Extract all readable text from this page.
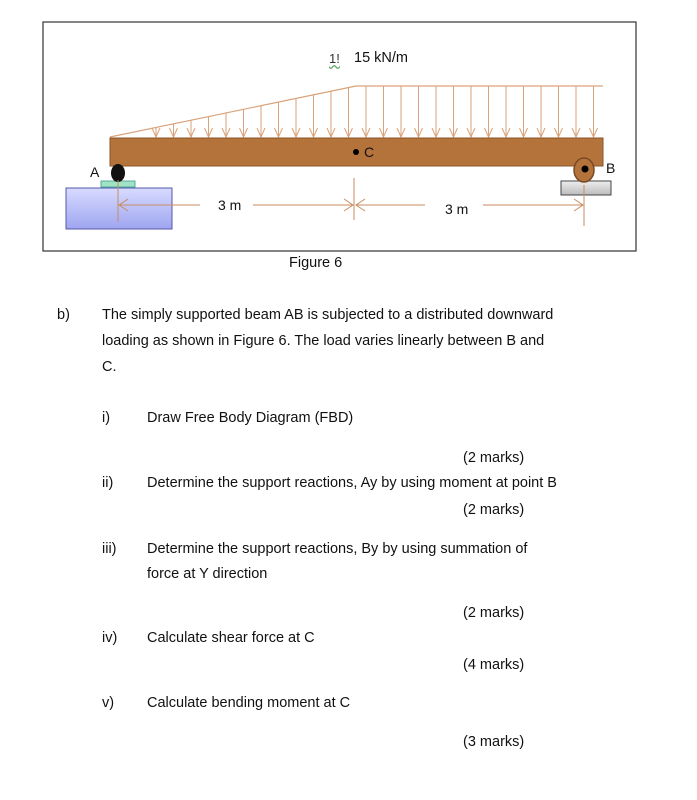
1! 15 kN/m
C
A	B
3 m	3 m
Figure 6
b) The simply supported beam AB is subjected to a distributed downward
loading as shown in Figure 6. The load varies linearly between B and
C.
i)	Draw Free Body Diagram (FBD)
(2 marks)
ii) Determine the support reactions, Ay by using moment at point B
(2 marks)
iii) Determine the support reactions, By by using summation of
force at Y direction
(2 marks)
iv) Calculate shear force at C
(4 marks)
v) Calculate bending moment at C
(3 marks)
